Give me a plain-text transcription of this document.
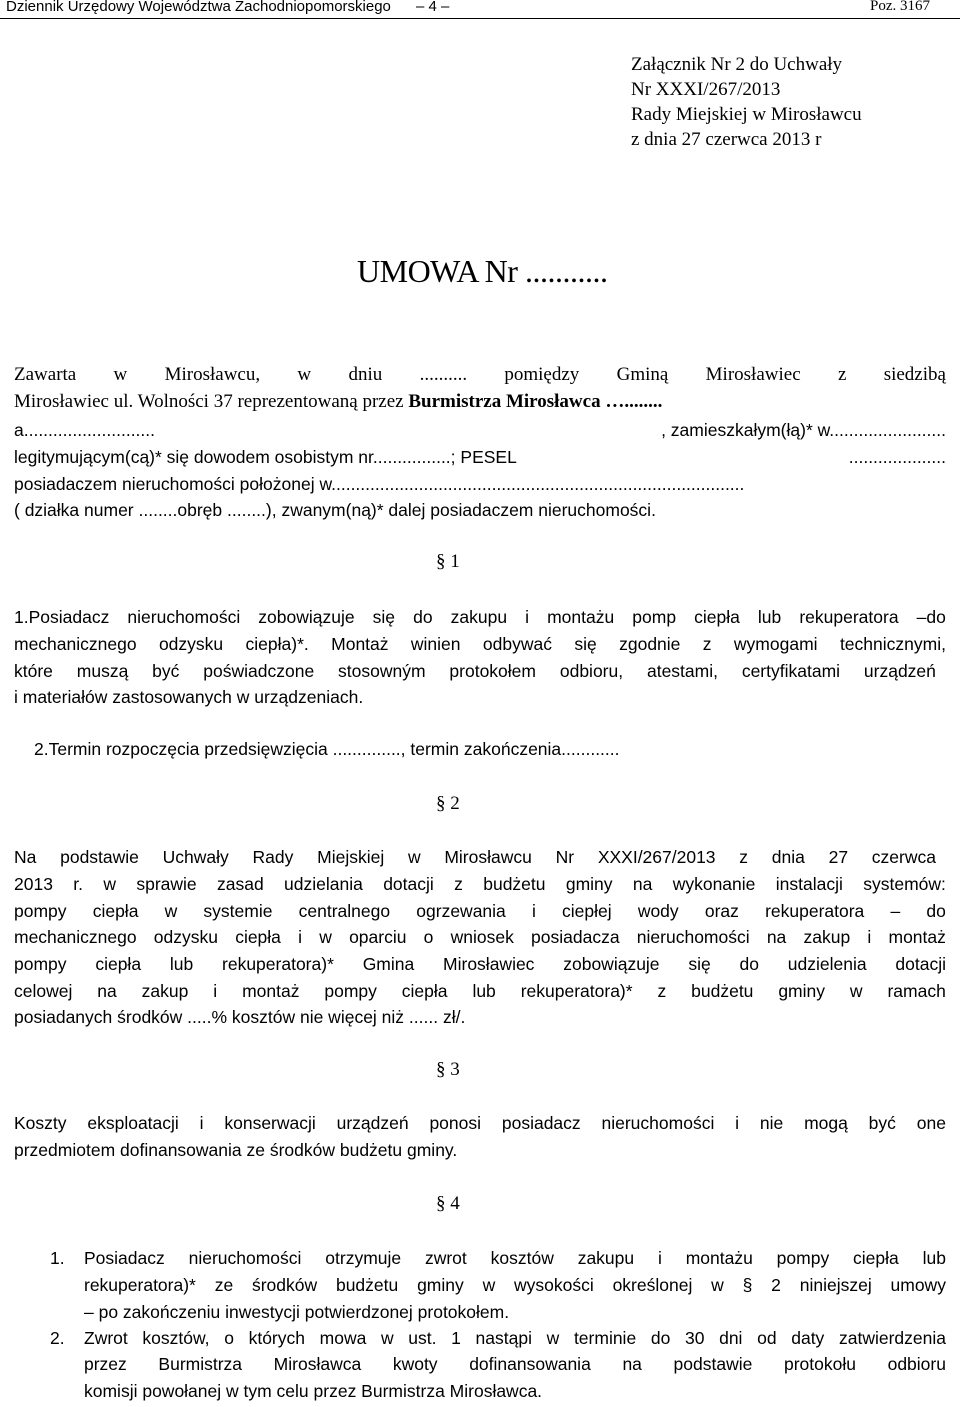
Dziennik Urzędowy Województwa Zachodniopomorskiego – 4 –	Poz. 3167
Załącznik Nr 2 do Uchwały
Nr XXXI/267/2013
Rady Miejskiej w Mirosławcu
z dnia 27 czerwca 2013 r
UMOWA Nr ...........
Zawarta w Mirosławcu, w dniu .......... pomiędzy Gminą Mirosławiec z siedzibą
Mirosławiec ul. Wolności 37 reprezentowaną przez Burmistrza Mirosławca …........
a...........................	, zamieszkałym(łą)* w........................
legitymującym(cą)* się dowodem osobistym nr................; PESEL	....................
posiadaczem nieruchomości położonej w.....................................................................................
( działka numer ........obręb ........), zwanym(ną)* dalej posiadaczem nieruchomości.
§ 1
1.Posiadacz nieruchomości zobowiązuje się do zakupu i montażu pomp ciepła lub rekuperatora –do
mechanicznego odzysku ciepła)*. Montaż winien odbywać się zgodnie z wymogami technicznymi,
które muszą być poświadczone stosowným protokołem odbioru, atestami, certyfikatami urządzeń
i materiałów zastosowanych w urządzeniach.
2.Termin rozpoczęcia przedsięwzięcia .............., termin zakończenia............
§ 2
Na podstawie Uchwały Rady Miejskiej w Mirosławcu Nr XXXI/267/2013 z dnia 27 czerwca
2013 r. w sprawie zasad udzielania dotacji z budżetu gminy na wykonanie instalacji systemów:
pompy ciepła w systemie centralnego ogrzewania i ciepłej wody oraz rekuperatora – do
mechanicznego odzysku ciepła i w oparciu o wniosek posiadacza nieruchomości na zakup i montaż
pompy ciepła lub rekuperatora)* Gmina Mirosławiec zobowiązuje się do udzielenia dotacji
celowej na zakup i montaż pompy ciepła lub rekuperatora)* z budżetu gminy w ramach
posiadanych środków .....% kosztów nie więcej niż ...... zł/.
§ 3
Koszty eksploatacji i konserwacji urządzeń ponosi posiadacz nieruchomości i nie mogą być one
przedmiotem dofinansowania ze środków budżetu gminy.
§ 4
1. Posiadacz nieruchomości otrzymuje zwrot kosztów zakupu i montażu pompy ciepła lub
rekuperatora)* ze środków budżetu gminy w wysokości określonej w § 2 niniejszej umowy
– po zakończeniu inwestycji potwierdzonej protokołem.
2. Zwrot kosztów, o których mowa w ust. 1 nastąpi w terminie do 30 dni od daty zatwierdzenia
przez Burmistrza Mirosławca kwoty dofinansowania na podstawie protokołu odbioru
komisji powołanej w tym celu przez Burmistrza Mirosławca.
